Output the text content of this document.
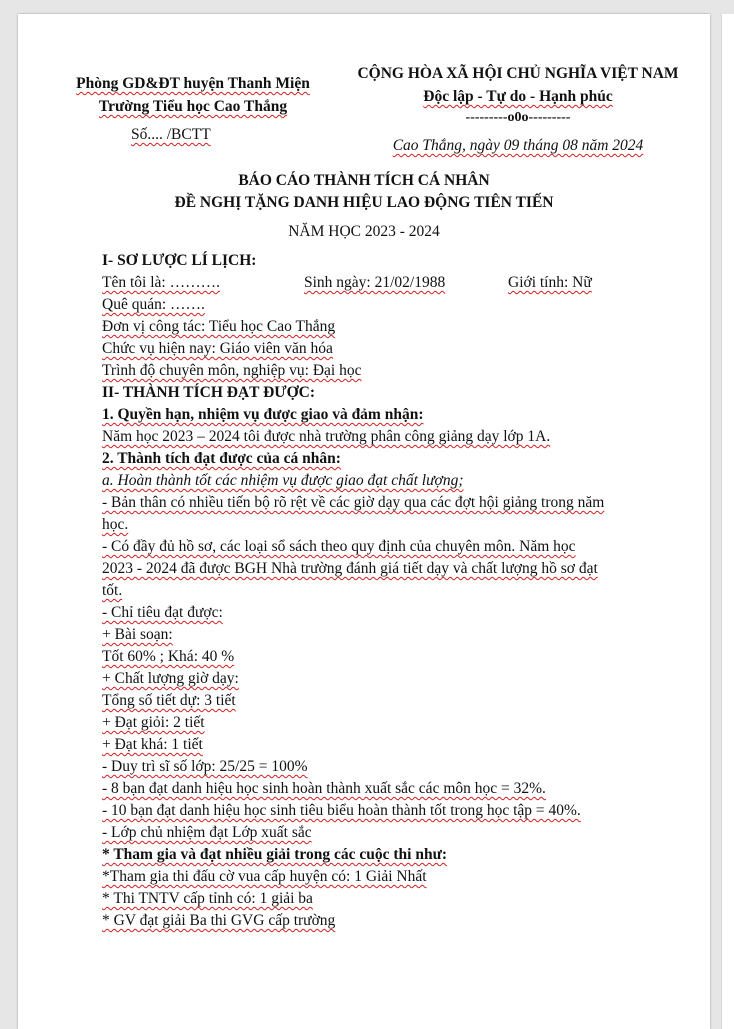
Phòng GD&ĐT huyện Thanh Miện
Trường Tiểu học Cao Thắng
Số.... /BCTT
CỘNG HÒA XÃ HỘI CHỦ NGHĨA VIỆT NAM
Độc lập - Tự do - Hạnh phúc
---------o0o---------
Cao Thắng, ngày 09 tháng 08 năm 2024
BÁO CÁO THÀNH TÍCH CÁ NHÂN
ĐỀ NGHỊ TẶNG DANH HIỆU LAO ĐỘNG TIÊN TIẾN
NĂM HỌC 2023 - 2024
I- SƠ LƯỢC LÍ LỊCH:
Tên tôi là: ……….	Sinh ngày: 21/02/1988	Giới tính: Nữ
Quê quán: …….
Đơn vị công tác: Tiểu học Cao Thắng
Chức vụ hiện nay: Giáo viên văn hóa
Trình độ chuyên môn, nghiệp vụ: Đại học
II- THÀNH TÍCH ĐẠT ĐƯỢC:
1. Quyền hạn, nhiệm vụ được giao và đảm nhận:
Năm học 2023 – 2024 tôi được nhà trường phân công giảng dạy lớp 1A.
2. Thành tích đạt được của cá nhân:
a. Hoàn thành tốt các nhiệm vụ được giao đạt chất lượng;
- Bản thân có nhiều tiến bộ rõ rệt về các giờ dạy qua các đợt hội giảng trong năm
học.
- Có đầy đủ hồ sơ, các loại sổ sách theo quy định của chuyên môn. Năm học
2023 - 2024 đã được BGH Nhà trường đánh giá tiết dạy và chất lượng hồ sơ đạt
tốt.
- Chỉ tiêu đạt được:
+ Bài soạn:
Tốt 60% ; Khá: 40 %
+ Chất lượng giờ dạy:
Tổng số tiết dự: 3 tiết
+ Đạt giỏi: 2 tiết
+ Đạt khá: 1 tiết
- Duy trì sĩ số lớp: 25/25 = 100%
- 8 bạn đạt danh hiệu học sinh hoàn thành xuất sắc các môn học = 32%.
- 10 bạn đạt danh hiệu học sinh tiêu biểu hoàn thành tốt trong học tập = 40%.
- Lớp chủ nhiệm đạt Lớp xuất sắc
* Tham gia và đạt nhiều giải trong các cuộc thi như:
*Tham gia thi đấu cờ vua cấp huyện có: 1 Giải Nhất
* Thi TNTV cấp tỉnh có: 1 giải ba
* GV đạt giải Ba thi GVG cấp trường
